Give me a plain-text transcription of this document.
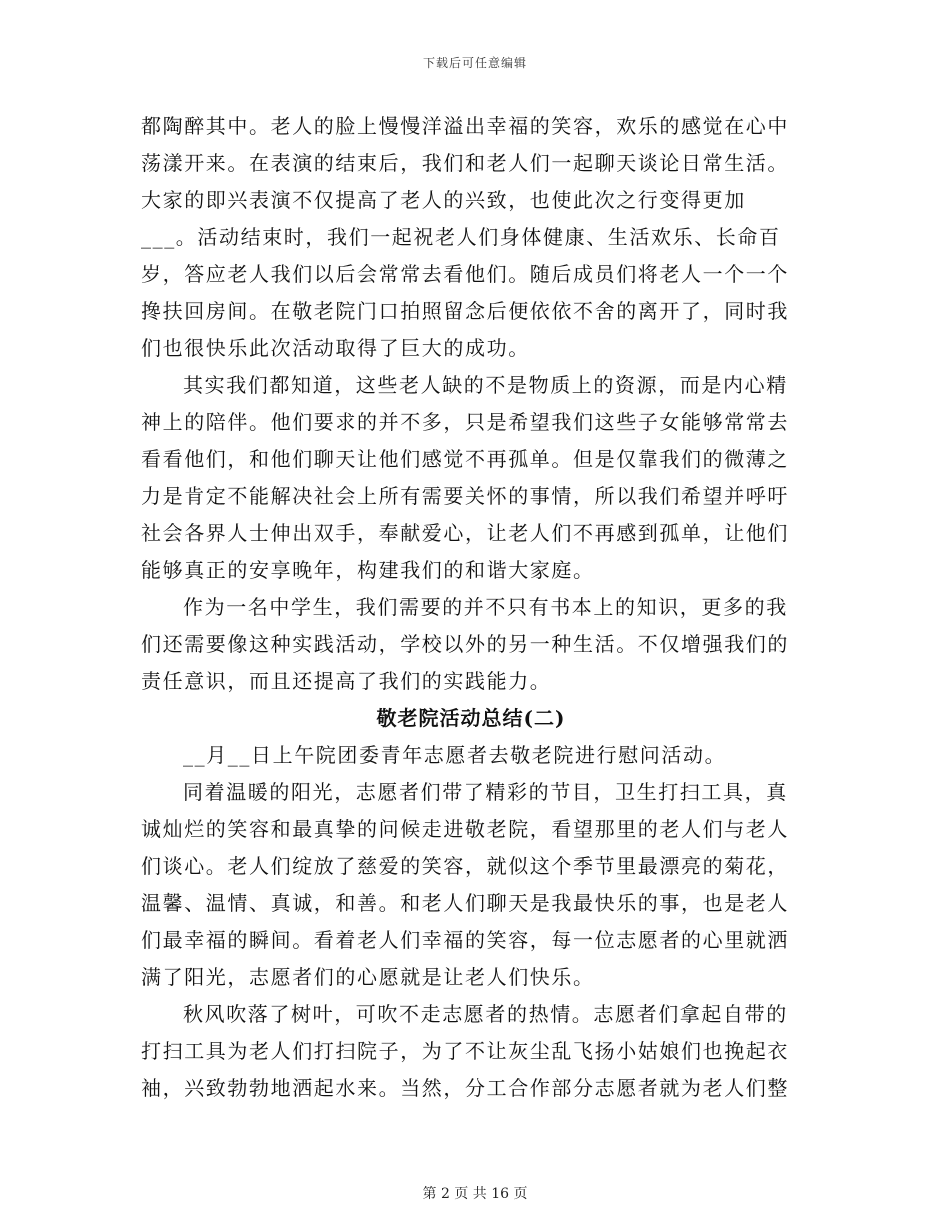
下载后可任意编辑

都陶醉其中。老人的脸上慢慢洋溢出幸福的笑容，欢乐的感觉在心中荡漾开来。在表演的结束后，我们和老人们一起聊天谈论日常生活。大家的即兴表演不仅提高了老人的兴致，也使此次之行变得更加___。活动结束时，我们一起祝老人们身体健康、生活欢乐、长命百岁，答应老人我们以后会常常去看他们。随后成员们将老人一个一个搀扶回房间。在敬老院门口拍照留念后便依依不舍的离开了，同时我们也很快乐此次活动取得了巨大的成功。

其实我们都知道，这些老人缺的不是物质上的资源，而是内心精神上的陪伴。他们要求的并不多，只是希望我们这些子女能够常常去看看他们，和他们聊天让他们感觉不再孤单。但是仅靠我们的微薄之力是肯定不能解决社会上所有需要关怀的事情，所以我们希望并呼吁社会各界人士伸出双手，奉献爱心，让老人们不再感到孤单，让他们能够真正的安享晚年，构建我们的和谐大家庭。

作为一名中学生，我们需要的并不只有书本上的知识，更多的我们还需要像这种实践活动，学校以外的另一种生活。不仅增强我们的责任意识，而且还提高了我们的实践能力。

敬老院活动总结(二)

__月__日上午院团委青年志愿者去敬老院进行慰问活动。

同着温暖的阳光，志愿者们带了精彩的节目，卫生打扫工具，真诚灿烂的笑容和最真挚的问候走进敬老院，看望那里的老人们与老人们谈心。老人们绽放了慈爱的笑容，就似这个季节里最漂亮的菊花，温馨、温情、真诚，和善。和老人们聊天是我最快乐的事，也是老人们最幸福的瞬间。看着老人们幸福的笑容，每一位志愿者的心里就洒满了阳光，志愿者们的心愿就是让老人们快乐。

秋风吹落了树叶，可吹不走志愿者的热情。志愿者们拿起自带的打扫工具为老人们打扫院子，为了不让灰尘乱飞扬小姑娘们也挽起衣袖，兴致勃勃地洒起水来。当然，分工合作部分志愿者就为老人们整

第 2 页 共 16 页
